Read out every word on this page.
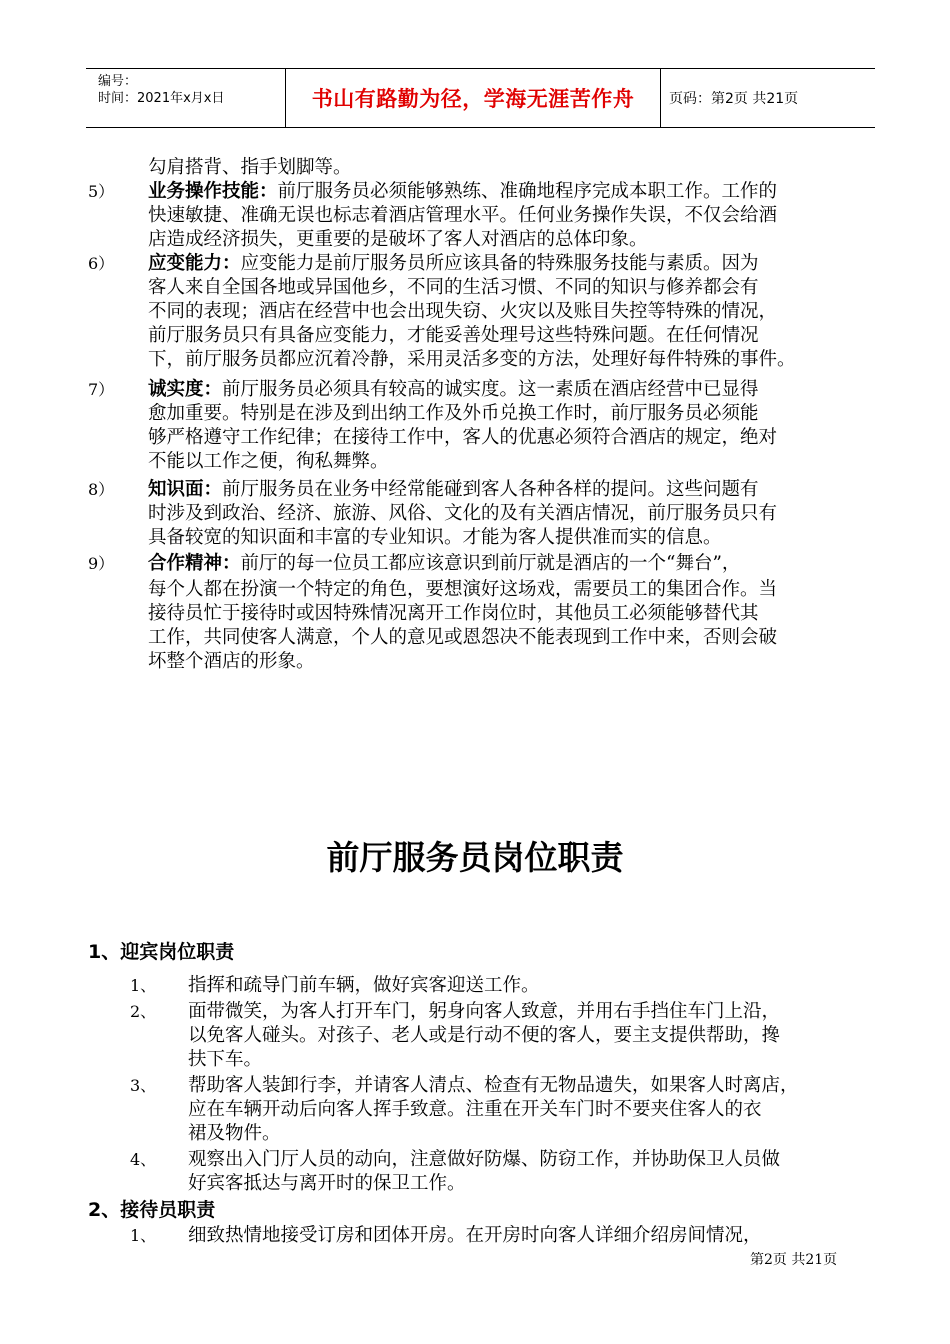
编号：
时间：2021年x月x日	书山有路勤为径，学海无涯苦作舟	页码：第2页 共21页
勾肩搭背、指手划脚等。
5） 业务操作技能：前厅服务员必须能够熟练、准确地程序完成本职工作。工作的
快速敏捷、准确无误也标志着酒店管理水平。任何业务操作失误，不仅会给酒
店造成经济损失，更重要的是破坏了客人对酒店的总体印象。
6） 应变能力：应变能力是前厅服务员所应该具备的特殊服务技能与素质。因为
客人来自全国各地或异国他乡，不同的生活习惯、不同的知识与修养都会有
不同的表现；酒店在经营中也会出现失窃、火灾以及账目失控等特殊的情况，
前厅服务员只有具备应变能力，才能妥善处理号这些特殊问题。在任何情况
下，前厅服务员都应沉着冷静，采用灵活多变的方法，处理好每件特殊的事件。
7） 诚实度：前厅服务员必须具有较高的诚实度。这一素质在酒店经营中已显得
愈加重要。特别是在涉及到出纳工作及外币兑换工作时，前厅服务员必须能
够严格遵守工作纪律；在接待工作中，客人的优惠必须符合酒店的规定，绝对
不能以工作之便，徇私舞弊。
8） 知识面：前厅服务员在业务中经常能碰到客人各种各样的提问。这些问题有
时涉及到政治、经济、旅游、风俗、文化的及有关酒店情况，前厅服务员只有
具备较宽的知识面和丰富的专业知识。才能为客人提供准而实的信息。
9） 合作精神：前厅的每一位员工都应该意识到前厅就是酒店的一个“舞台”，
每个人都在扮演一个特定的角色，要想演好这场戏，需要员工的集团合作。当
接待员忙于接待时或因特殊情况离开工作岗位时，其他员工必须能够替代其
工作，共同使客人满意，个人的意见或恩怨决不能表现到工作中来，否则会破
坏整个酒店的形象。
前厅服务员岗位职责
1、迎宾岗位职责
1、 指挥和疏导门前车辆，做好宾客迎送工作。
2、 面带微笑，为客人打开车门，躬身向客人致意，并用右手挡住车门上沿，
以免客人碰头。对孩子、老人或是行动不便的客人，要主支提供帮助，搀
扶下车。
3、 帮助客人装卸行李，并请客人清点、检查有无物品遗失，如果客人时离店，
应在车辆开动后向客人挥手致意。注重在开关车门时不要夹住客人的衣
裙及物件。
4、 观察出入门厅人员的动向，注意做好防爆、防窃工作，并协助保卫人员做
好宾客抵达与离开时的保卫工作。
2、接待员职责
1、 细致热情地接受订房和团体开房。在开房时向客人详细介绍房间情况，
第2页 共21页
